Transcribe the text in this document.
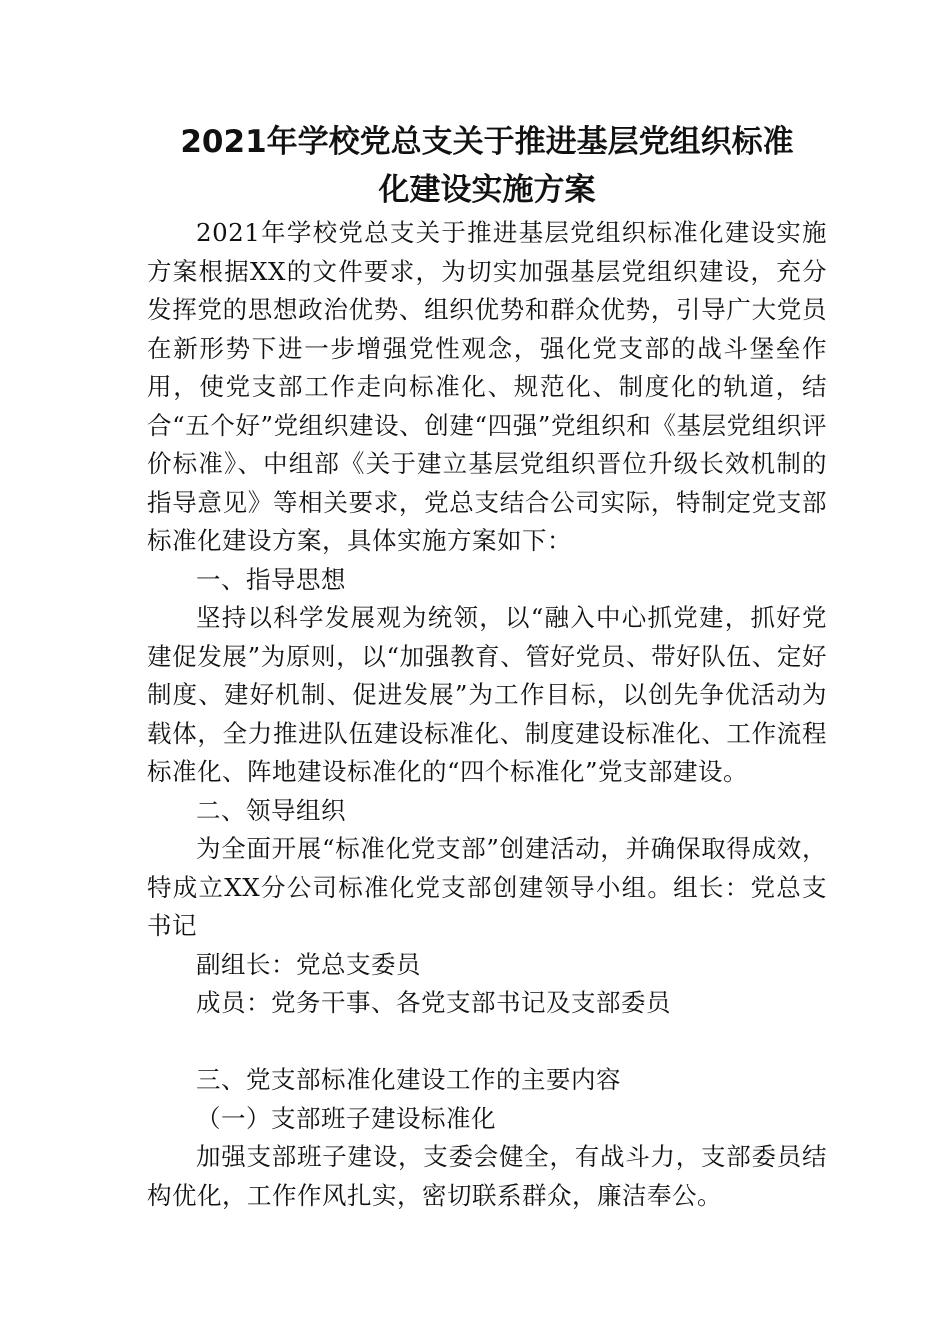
2021年学校党总支关于推进基层党组织标准
化建设实施方案

2021年学校党总支关于推进基层党组织标准化建设实施方案根据XX的文件要求，为切实加强基层党组织建设，充分发挥党的思想政治优势、组织优势和群众优势，引导广大党员在新形势下进一步增强党性观念，强化党支部的战斗堡垒作用，使党支部工作走向标准化、规范化、制度化的轨道，结合“五个好”党组织建设、创建“四强”党组织和《基层党组织评价标准》、中组部《关于建立基层党组织晋位升级长效机制的指导意见》等相关要求，党总支结合公司实际，特制定党支部标准化建设方案，具体实施方案如下：

一、指导思想

坚持以科学发展观为统领，以“融入中心抓党建，抓好党建促发展”为原则，以“加强教育、管好党员、带好队伍、定好制度、建好机制、促进发展”为工作目标，以创先争优活动为载体，全力推进队伍建设标准化、制度建设标准化、工作流程标准化、阵地建设标准化的“四个标准化”党支部建设。

二、领导组织

为全面开展“标准化党支部”创建活动，并确保取得成效，特成立XX分公司标准化党支部创建领导小组。组长：党总支书记

副组长：党总支委员

成员：党务干事、各党支部书记及支部委员

三、党支部标准化建设工作的主要内容

（一）支部班子建设标准化

加强支部班子建设，支委会健全，有战斗力，支部委员结构优化，工作作风扎实，密切联系群众，廉洁奉公。
